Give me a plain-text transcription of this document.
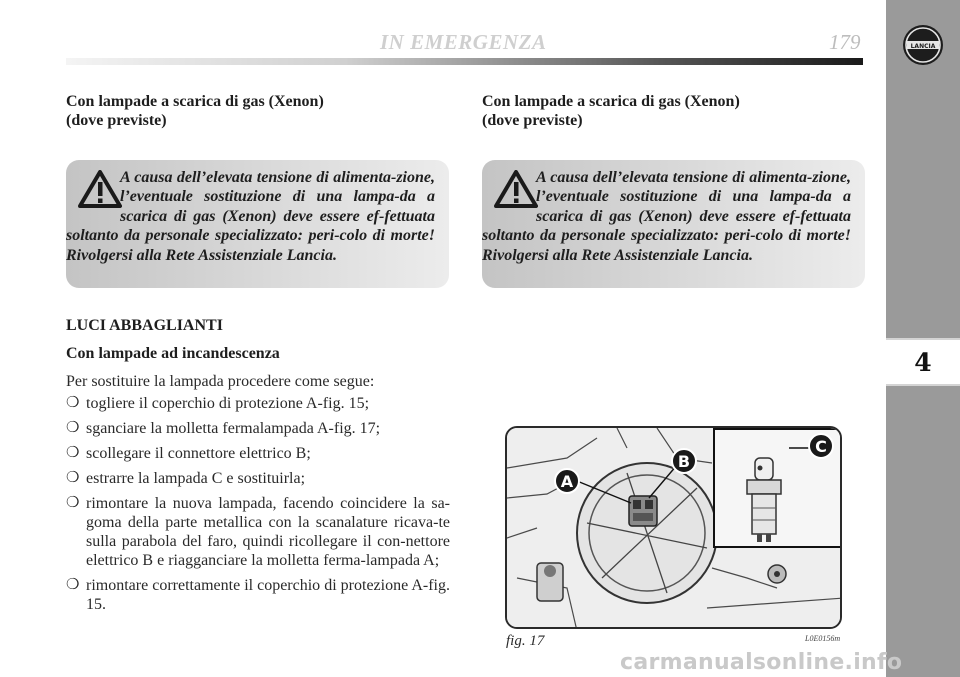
IN EMERGENZA	179	LANCIA
4
Con lampade a scarica di gas (Xenon)
(dove previste)
A causa dell’elevata tensione di alimenta-zione, l’eventuale sostituzione di una lampa-da a scarica di gas (Xenon) deve essere ef-fettuata soltanto da personale specializzato: peri-colo di morte! Rivolgersi alla Rete Assistenziale Lancia.
Con lampade a scarica di gas (Xenon)
(dove previste)
A causa dell’elevata tensione di alimenta-zione, l’eventuale sostituzione di una lampa-da a scarica di gas (Xenon) deve essere ef-fettuata soltanto da personale specializzato: peri-colo di morte! Rivolgersi alla Rete Assistenziale Lancia.
LUCI ABBAGLIANTI
Con lampade ad incandescenza
Per sostituire la lampada procedere come segue:
❍ togliere il coperchio di protezione A-fig. 15;
❍ sganciare la molletta fermalampada A-fig. 17;
❍ scollegare il connettore elettrico B;
❍ estrarre la lampada C e sostituirla;
❍ rimontare la nuova lampada, facendo coincidere la sa-goma della parte metallica con la scanalature ricava-te sulla parabola del faro, quindi ricollegare il con-nettore elettrico B e riagganciare la molletta ferma-lampada A;
❍ rimontare correttamente il coperchio di protezione A-fig. 15.
A
B
C
fig. 17	L0E0156m
carmanualsonline.info
